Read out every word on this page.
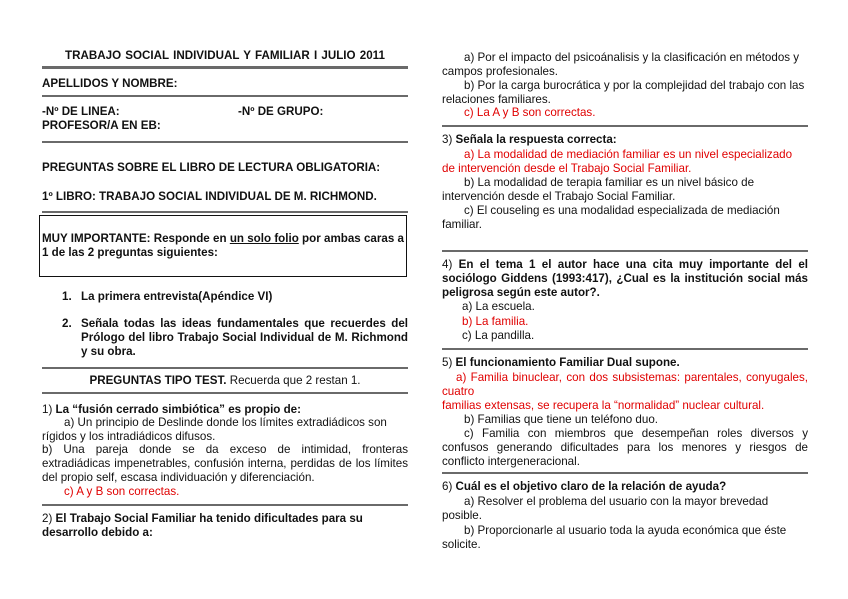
TRABAJO SOCIAL INDIVIDUAL Y FAMILIAR I JULIO 2011
APELLIDOS Y NOMBRE:
-Nº DE LINEA:	-Nº DE GRUPO:
PROFESOR/A EN EB:
PREGUNTAS SOBRE EL LIBRO DE LECTURA OBLIGATORIA:
1º LIBRO: TRABAJO SOCIAL INDIVIDUAL DE M. RICHMOND.
MUY IMPORTANTE: Responde en un solo folio por ambas caras a 1 de las 2 preguntas siguientes:
1. La primera entrevista(Apéndice VI)
2. Señala todas las ideas fundamentales que recuerdes del Prólogo del libro Trabajo Social Individual de M. Richmond y su obra.
PREGUNTAS TIPO TEST. Recuerda que 2 restan 1.
1) La “fusión cerrado simbiótica” es propio de:
a) Un principio de Deslinde donde los límites extradiádicos son rígidos y los intradiádicos difusos.
b) Una pareja donde se da exceso de intimidad, fronteras extradiádicas impenetrables, confusión interna, perdidas de los límites del propio self, escasa individuación y diferenciación.
c) A y B son correctas.
2) El Trabajo Social Familiar ha tenido dificultades para su desarrollo debido a:
a) Por el impacto del psicoánalisis y la clasificación en métodos y campos profesionales.
b) Por la carga burocrática y por la complejidad del trabajo con las relaciones familiares.
c) La A y B son correctas.
3) Señala la respuesta correcta:
a) La modalidad de mediación familiar es un nivel especializado de intervención desde el Trabajo Social Familiar.
b) La modalidad de terapia familiar es un nivel básico de intervención desde el Trabajo Social Familiar.
c) El couseling es una modalidad especializada de mediación familiar.
4) En el tema 1 el autor hace una cita muy importante del el sociólogo Giddens (1993:417), ¿Cual es la institución social más peligrosa según este autor?.
a) La escuela.
b) La familia.
c) La pandilla.
5) El funcionamiento Familiar Dual supone.
a) Familia binuclear, con dos subsistemas: parentales, conyugales, cuatro
familias extensas, se recupera la “normalidad” nuclear cultural.
b) Familias que tiene un teléfono duo.
c) Familia con miembros que desempeñan roles diversos y confusos generando dificultades para los menores y riesgos de conflicto intergeneracional.
6) Cuál es el objetivo claro de la relación de ayuda?
a) Resolver el problema del usuario con la mayor brevedad posible.
b) Proporcionarle al usuario toda la ayuda económica que éste solicite.
